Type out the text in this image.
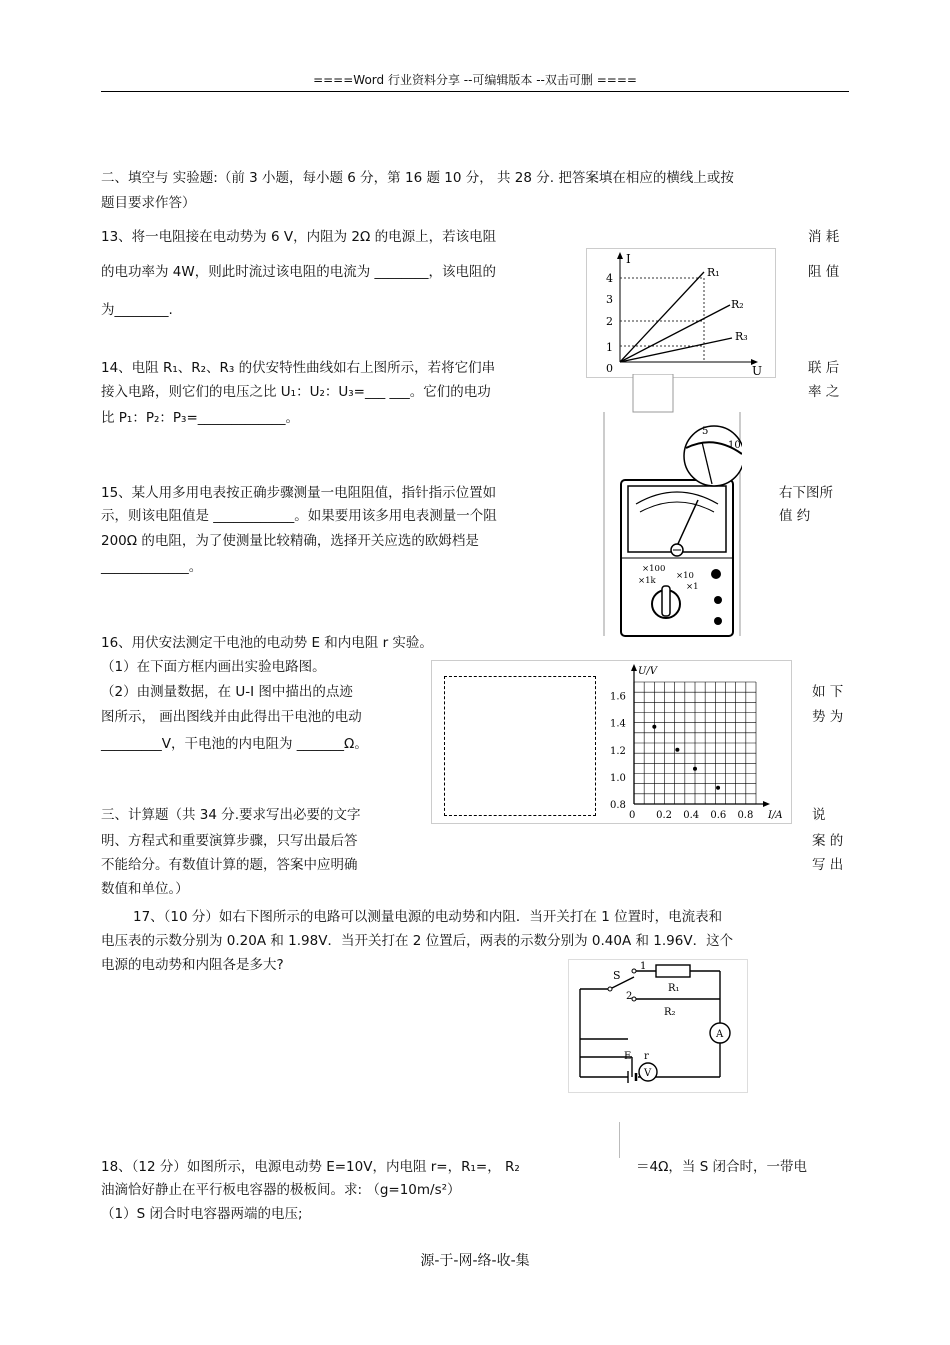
====Word 行业资料分享 --可编辑版本 --双击可删 ====
二、填空与 实验题:（前 3 小题，每小题 6 分，第 16 题 10 分， 共 28 分. 把答案填在相应的横线上或按
题目要求作答）
13、将一电阻接在电动势为 6 V，内阻为 2Ω 的电源上，若该电阻	消 耗
的电功率为 4W，则此时流过该电阻的电流为 ________，该电阻的	阻 值
为________.
14、电阻 R₁、R₂、R₃ 的伏安特性曲线如右上图所示，若将它们串	联 后
接入电路，则它们的电压之比 U₁：U₂：U₃=___ ___。它们的电功	率 之
比 P₁：P₂：P₃=_____________。
15、某人用多用电表按正确步骤测量一电阻阻值，指针指示位置如	右下图所
示，则该电阻值是 ____________。如果要用该多用电表测量一个阻	值 约
200Ω 的电阻，为了使测量比较精确，选择开关应选的欧姆档是
_____________。
16、用伏安法测定干电池的电动势 E 和内电阻 r 实验。
（1）在下面方框内画出实验电路图。
（2）由测量数据，在 U-I 图中描出的点迹	如 下
图所示， 画出图线并由此得出干电池的电动	势 为
_________V，干电池的内电阻为 _______Ω。
三、计算题（共 34 分.要求写出必要的文字	说
明、方程式和重要演算步骤，只写出最后答	案 的
不能给分。有数值计算的题，答案中应明确	写 出
数值和单位。）
17、（10 分）如右下图所示的电路可以测量电源的电动势和内阻．当开关打在 1 位置时，电流表和
电压表的示数分别为 0.20A 和 1.98V．当开关打在 2 位置后，两表的示数分别为 0.40A 和 1.96V．这个
电源的电动势和内阻各是多大?
18、（12 分）如图所示，电源电动势 E=10V，内电阻 r=，R₁=， R₂	＝4Ω，当 S 闭合时，一带电
油滴恰好静止在平行板电容器的极板间。求: （g=10m/s²）
（1）S 闭合时电容器两端的电压;
源-于-网-络-收-集
I
U
0
1
2
3
4	R₁
R₂
R₃
5
10
×100
×1k ×10
×1
0 0.2 0.4 0.6 0.8
0.8
1.0
1.2
1.4
1.6
U/V
I/A
S
1
2
R₁
R₂
E r
A
V
